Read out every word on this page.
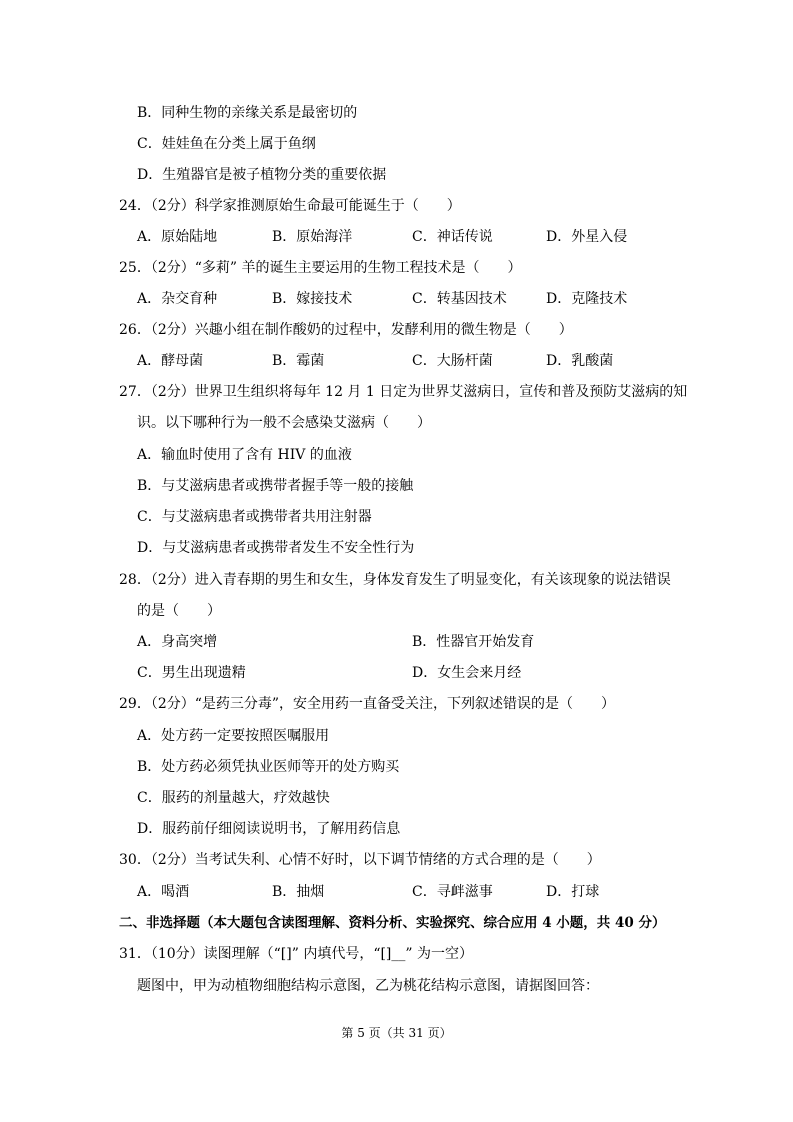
B．同种生物的亲缘关系是最密切的
C．娃娃鱼在分类上属于鱼纲
D．生殖器官是被子植物分类的重要依据
24．（2分）科学家推测原始生命最可能诞生于（　　）
A．原始陆地	B．原始海洋	C．神话传说	D．外星入侵
25．（2分）“多莉” 羊的诞生主要运用的生物工程技术是（　　）
A．杂交育种	B．嫁接技术	C．转基因技术	D．克隆技术
26．（2分）兴趣小组在制作酸奶的过程中，发酵利用的微生物是（　　）
A．酵母菌	B．霉菌	C．大肠杆菌	D．乳酸菌
27．（2分）世界卫生组织将每年 12 月 1 日定为世界艾滋病日，宣传和普及预防艾滋病的知
识。以下哪种行为一般不会感染艾滋病（　　）
A．输血时使用了含有 HIV 的血液
B．与艾滋病患者或携带者握手等一般的接触
C．与艾滋病患者或携带者共用注射器
D．与艾滋病患者或携带者发生不安全性行为
28．（2分）进入青春期的男生和女生，身体发育发生了明显变化，有关该现象的说法错误
的是（　　）
A．身高突增	B．性器官开始发育
C．男生出现遗精	D．女生会来月经
29．（2分）“是药三分毒”，安全用药一直备受关注，下列叙述错误的是（　　）
A．处方药一定要按照医嘱服用
B．处方药必须凭执业医师等开的处方购买
C．服药的剂量越大，疗效越快
D．服药前仔细阅读说明书，了解用药信息
30．（2分）当考试失利、心情不好时，以下调节情绪的方式合理的是（　　）
A．喝酒	B．抽烟	C．寻衅滋事	D．打球
二、非选择题（本大题包含读图理解、资料分析、实验探究、综合应用 4 小题，共 40 分）
31．（10分）读图理解（“[]” 内填代号，“[]__” 为一空）
题图中，甲为动植物细胞结构示意图，乙为桃花结构示意图，请据图回答：
第 5 页（共 31 页）
